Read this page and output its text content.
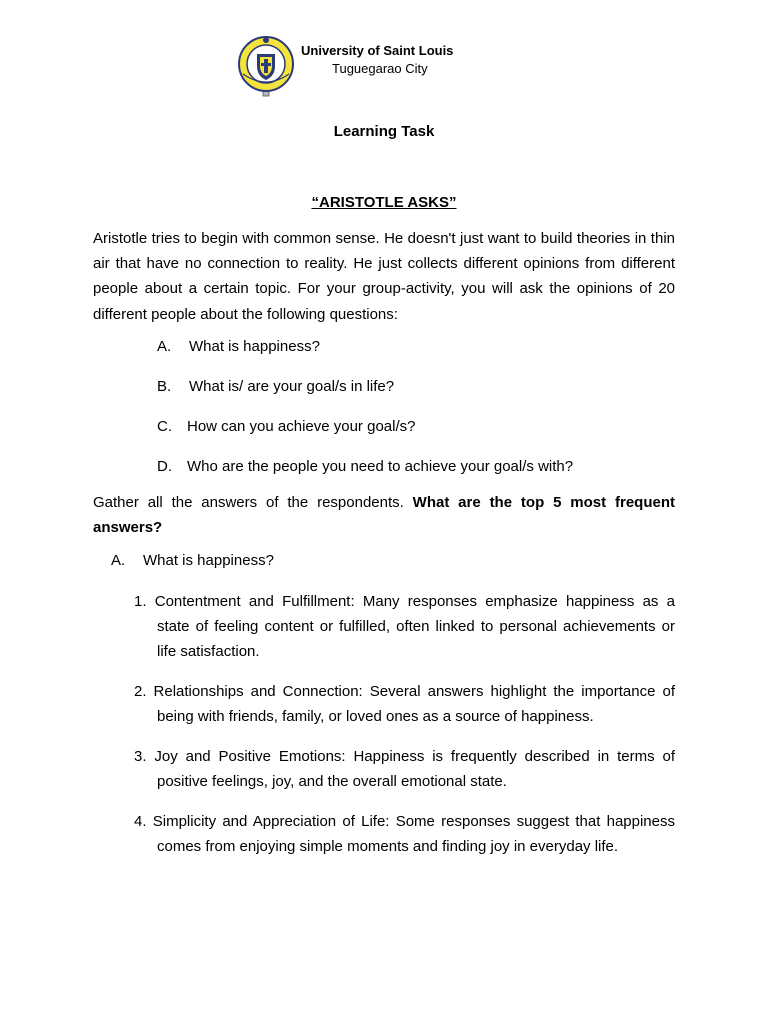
University of Saint Louis
Tuguegarao City
Learning Task
“ARISTOTLE ASKS”

Aristotle tries to begin with common sense. He doesn't just want to build theories in thin air that have no connection to reality. He just collects different opinions from different people about a certain topic. For your group-activity, you will ask the opinions of 20 different people about the following questions:

A. What is happiness?
B. What is/ are your goal/s in life?
C. How can you achieve your goal/s?
D. Who are the people you need to achieve your goal/s with?

Gather all the answers of the respondents. What are the top 5 most frequent answers?

A. What is happiness?

1. Contentment and Fulfillment: Many responses emphasize happiness as a state of feeling content or fulfilled, often linked to personal achievements or life satisfaction.

2. Relationships and Connection: Several answers highlight the importance of being with friends, family, or loved ones as a source of happiness.

3. Joy and Positive Emotions: Happiness is frequently described in terms of positive feelings, joy, and the overall emotional state.

4. Simplicity and Appreciation of Life: Some responses suggest that happiness comes from enjoying simple moments and finding joy in everyday life.
